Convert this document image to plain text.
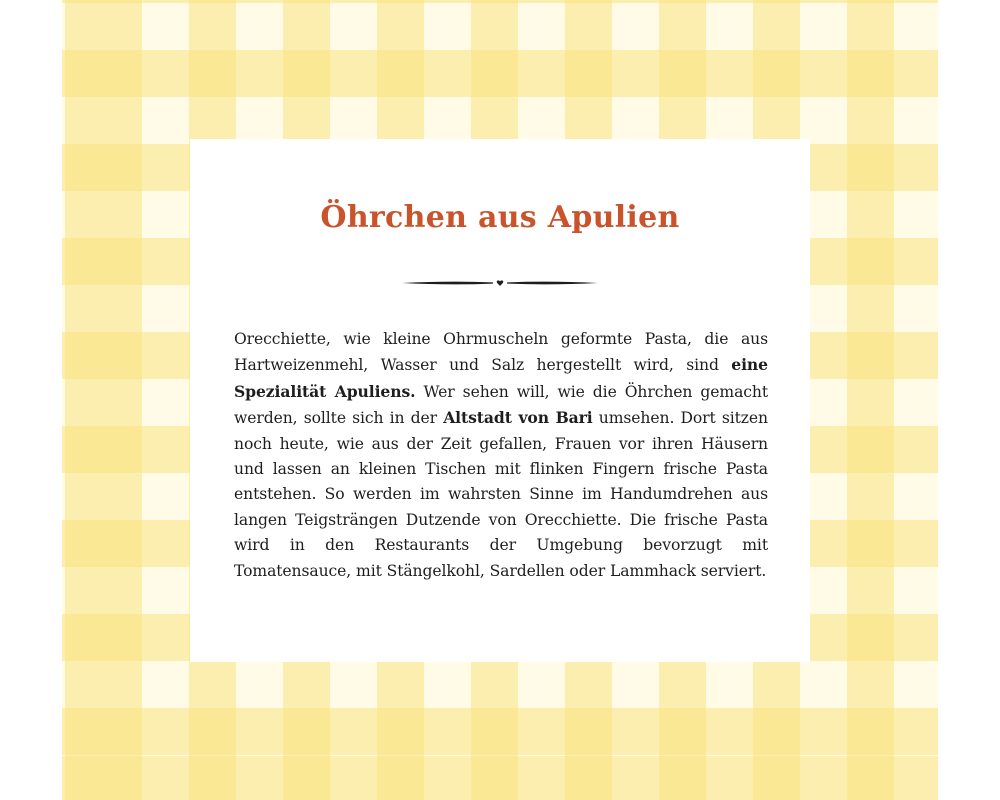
Öhrchen aus Apulien

Orecchiette, wie kleine Ohrmuscheln geformte Pasta, die aus Hartweizenmehl, Wasser und Salz hergestellt wird, sind eine Spezialität Apuliens. Wer sehen will, wie die Öhrchen gemacht werden, sollte sich in der Altstadt von Bari umsehen. Dort sitzen noch heute, wie aus der Zeit gefallen, Frauen vor ihren Häusern und lassen an kleinen Tischen mit flinken Fingern frische Pasta entstehen. So werden im wahrsten Sinne im Handumdrehen aus langen Teigsträngen Dutzende von Orecchiette. Die frische Pasta wird in den Restaurants der Umgebung bevorzugt mit Tomatensauce, mit Stängelkohl, Sardellen oder Lammhack serviert.
